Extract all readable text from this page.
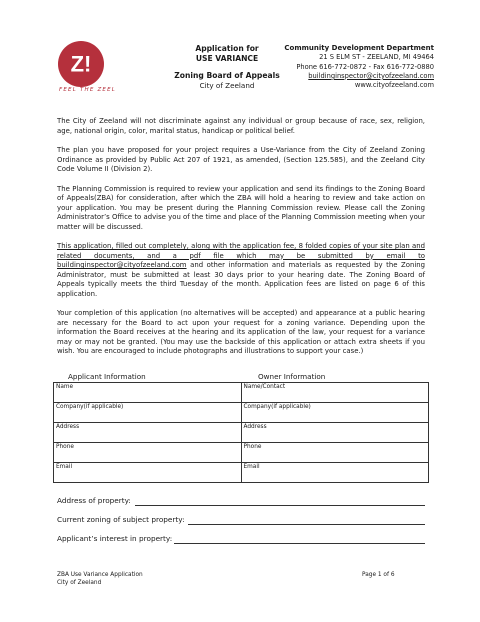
Z!
FEEL THE ZEEL
Application for
USE VARIANCE
Zoning Board of Appeals
City of Zeeland
Community Development Department
21 S ELM ST - ZEELAND, MI 49464
Phone 616-772-0872 - Fax 616-772-0880
buildinginspector@cityofzeeland.com
www.cityofzeeland.com

The City of Zeeland will not discriminate against any individual or group because of race, sex, religion, age, national origin, color, marital status, handicap or political belief.

The plan you have proposed for your project requires a Use-Variance from the City of Zeeland Zoning Ordinance as provided by Public Act 207 of 1921, as amended, (Section 125.585), and the Zeeland City Code Volume II (Division 2).

The Planning Commission is required to review your application and send its findings to the Zoning Board of Appeals(ZBA) for consideration, after which the ZBA will hold a hearing to review and take action on your application. You may be present during the Planning Commission review. Please call the Zoning Administrator’s Office to advise you of the time and place of the Planning Commission meeting when your matter will be discussed.

This application, filled out completely, along with the application fee, 8 folded copies of your site plan and related documents, and a pdf file which may be submitted by email to buildinginspector@cityofzeeland.com and other information and materials as requested by the Zoning Administrator, must be submitted at least 30 days prior to your hearing date. The Zoning Board of Appeals typically meets the third Tuesday of the month. Application fees are listed on page 6 of this application.

Your completion of this application (no alternatives will be accepted) and appearance at a public hearing are necessary for the Board to act upon your request for a zoning variance. Depending upon the information the Board receives at the hearing and its application of the law, your request for a variance may or may not be granted. (You may use the backside of this application or attach extra sheets if you wish. You are encouraged to include photographs and illustrations to support your case.)

Applicant Information	Owner Information
Name	Name/Contact
Company(if applicable)	Company(if applicable)
Address	Address
Phone	Phone
Email	Email
Address of property:
Current zoning of subject property:
Applicant’s interest in property:
ZBA Use Variance Application
City of Zeeland
Page 1 of 6
